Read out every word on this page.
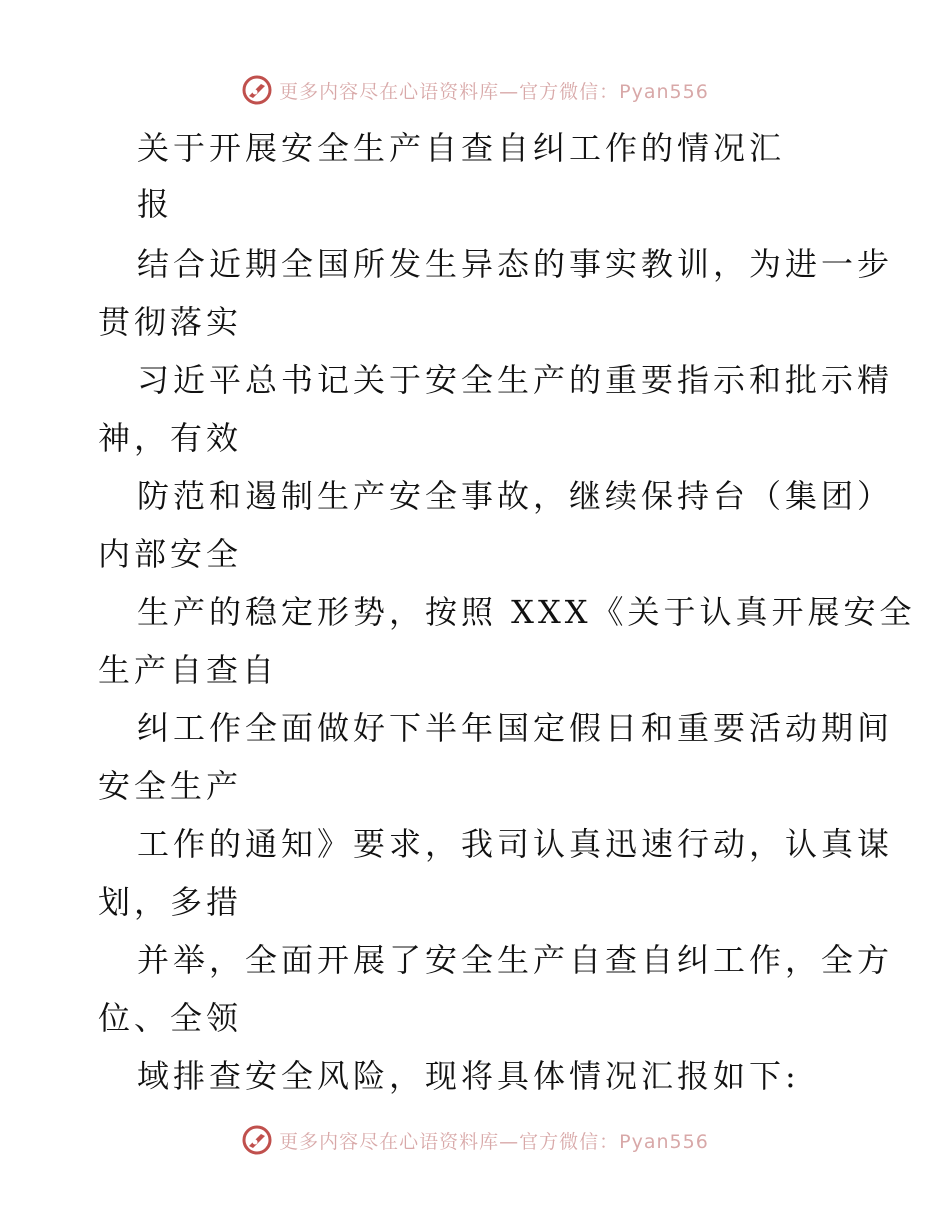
更多内容尽在心语资料库—官方微信：Pyan556
关于开展安全生产自查自纠工作的情况汇
报
结合近期全国所发生异态的事实教训，为进一步
贯彻落实
习近平总书记关于安全生产的重要指示和批示精
神，有效
防范和遏制生产安全事故，继续保持台（集团）
内部安全
生产的稳定形势，按照 XXX《关于认真开展安全
生产自查自
纠工作全面做好下半年国定假日和重要活动期间
安全生产
工作的通知》要求，我司认真迅速行动，认真谋
划，多措
并举，全面开展了安全生产自查自纠工作，全方
位、全领
域排查安全风险，现将具体情况汇报如下:
更多内容尽在心语资料库—官方微信：Pyan556
